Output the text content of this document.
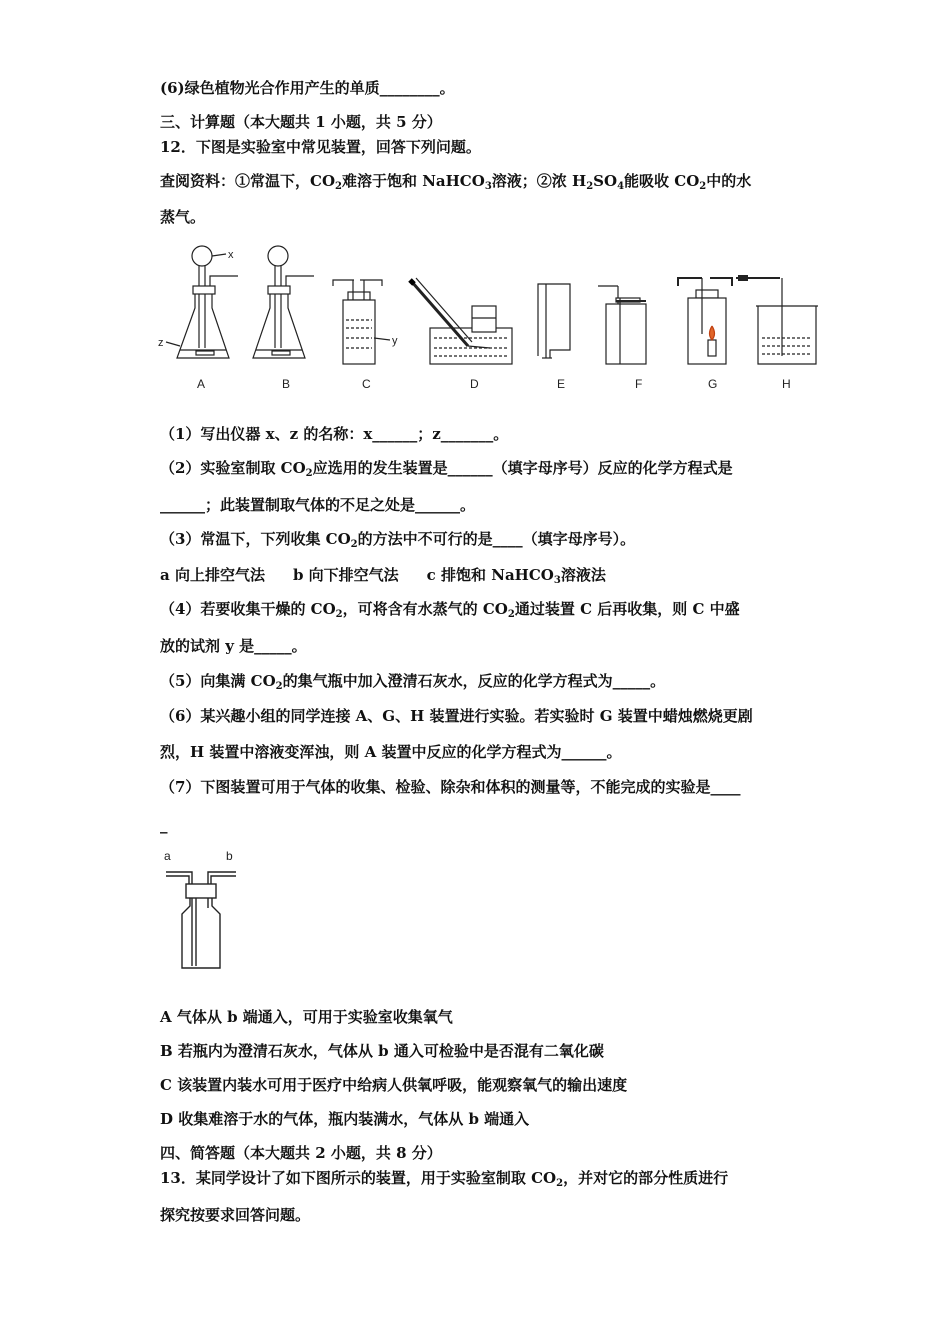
(6)绿色植物光合作用产生的单质________。
三、计算题（本大题共 1 小题，共 5 分）
12．下图是实验室中常见装置，回答下列问题。
查阅资料：①常温下，$CO_2$难溶于饱和 NaHCO$_3$溶液；②浓 $H_2SO_4$能吸收 $CO_2$中的水
蒸气。
x
z
A	B
y
C	D	E	F	G	H
（1）写出仪器 x、z 的名称：x______；z_______。
（2）实验室制取 $CO_2$应选用的发生装置是______（填字母序号）反应的化学方程式是
______；此装置制取气体的不足之处是______。
（3）常温下，下列收集 $CO_2$的方法中不可行的是____（填字母序号）。
a 向上排空气法 b 向下排空气法 c 排饱和 NaHCO$_3$溶液法
（4）若要收集干燥的 $CO_2$，可将含有水蒸气的 $CO_2$通过装置 C 后再收集，则 C 中盛
放的试剂 y 是_____。
（5）向集满 $CO_2$的集气瓶中加入澄清石灰水，反应的化学方程式为_____。
（6）某兴趣小组的同学连接 A、G、H 装置进行实验。若实验时 G 装置中蜡烛燃烧更剧
烈，H 装置中溶液变浑浊，则 A 装置中反应的化学方程式为______。
（7）下图装置可用于气体的收集、检验、除杂和体积的测量等，不能完成的实验是____
_
a	b
A 气体从 b 端通入，可用于实验室收集氧气
B 若瓶内为澄清石灰水，气体从 b 通入可检验中是否混有二氧化碳
C 该装置内装水可用于医疗中给病人供氧呼吸，能观察氧气的输出速度
D 收集难溶于水的气体，瓶内装满水，气体从 b 端通入
四、简答题（本大题共 2 小题，共 8 分）
13．某同学设计了如下图所示的装置，用于实验室制取 $CO_2$，并对它的部分性质进行
探究按要求回答问题。
